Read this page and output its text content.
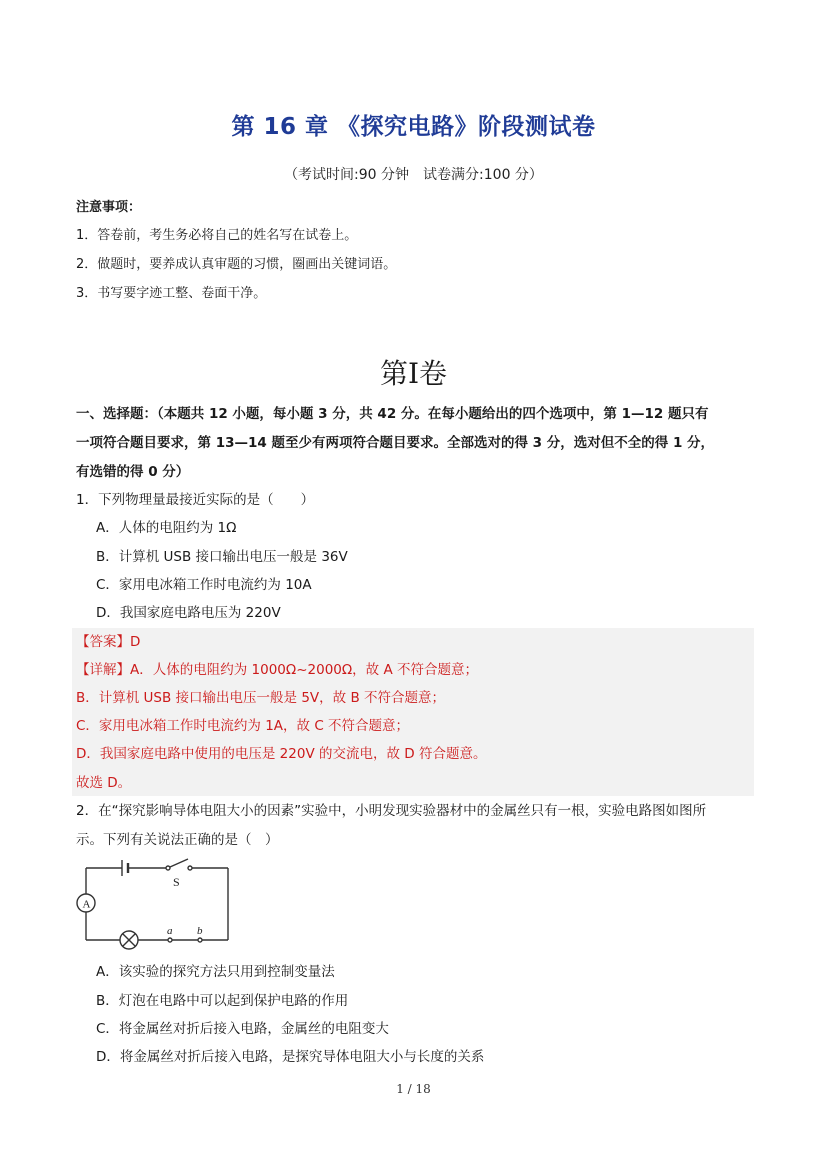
第 16 章 《探究电路》阶段测试卷
（考试时间:90 分钟　试卷满分:100 分）
注意事项：
1．答卷前，考生务必将自己的姓名写在试卷上。
2．做题时，要养成认真审题的习惯，圈画出关键词语。
3．书写要字迹工整、卷面干净。
第I卷
一、选择题：（本题共 12 小题，每小题 3 分，共 42 分。在每小题给出的四个选项中，第 1—12 题只有
一项符合题目要求，第 13—14 题至少有两项符合题目要求。全部选对的得 3 分，选对但不全的得 1 分，
有选错的得 0 分）
1．下列物理量最接近实际的是（　　）
A．人体的电阻约为 1Ω
B．计算机 USB 接口输出电压一般是 36V
C．家用电冰箱工作时电流约为 10A
D．我国家庭电路电压为 220V
【答案】D
【详解】A．人体的电阻约为 1000Ω~2000Ω，故 A 不符合题意；
B．计算机 USB 接口输出电压一般是 5V，故 B 不符合题意；
C．家用电冰箱工作时电流约为 1A，故 C 不符合题意；
D．我国家庭电路中使用的电压是 220V 的交流电，故 D 符合题意。
故选 D。
2．在“探究影响导体电阻大小的因素”实验中，小明发现实验器材中的金属丝只有一根，实验电路图如图所
示。下列有关说法正确的是（　）
A
S
a b
A．该实验的探究方法只用到控制变量法
B．灯泡在电路中可以起到保护电路的作用
C．将金属丝对折后接入电路，金属丝的电阻变大
D．将金属丝对折后接入电路，是探究导体电阻大小与长度的关系
1 / 18
